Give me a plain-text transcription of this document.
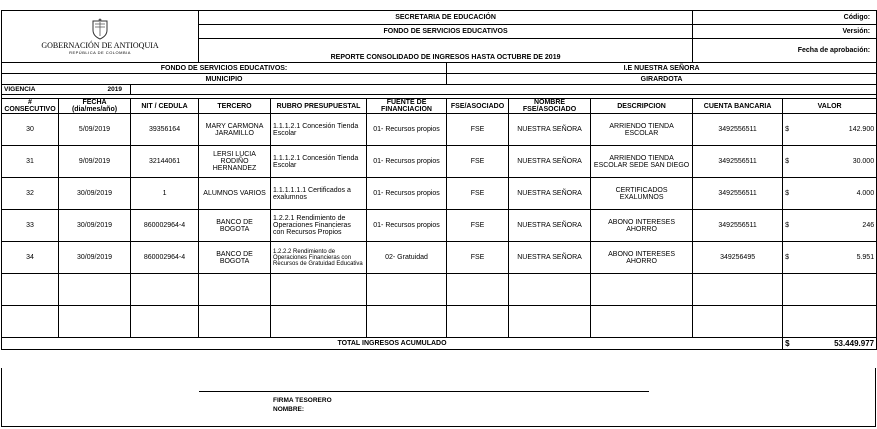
GOBERNACIÓN DE ANTIOQUIA
REPÚBLICA DE COLOMBIA			SECRETARIA DE EDUCACIÓN						Código:	
			FONDO DE SERVICIOS EDUCATIVOS						Versión:	
			REPORTE CONSOLIDADO DE INGRESOS HASTA OCTUBRE DE 2019						Fecha de aprobación:	
FONDO DE SERVICIOS EDUCATIVOS:						I.E NUESTRA SEÑORA				
MUNICIPIO						GIRARDOTA				
VIGENCIA	2019									

# CONSECUTIVO	FECHA (dia/mes/año)	NIT / CEDULA	TERCERO	RUBRO PRESUPUESTAL	FUENTE DE FINANCIACION	FSE/ASOCIADO	NOMBRE FSE/ASOCIADO	DESCRIPCION	CUENTA BANCARIA	VALOR
30	5/09/2019	39356164	MARY CARMONA JARAMILLO	1.1.1.2.1 Concesión Tienda Escolar	01- Recursos propios	FSE	NUESTRA SEÑORA	ARRIENDO TIENDA ESCOLAR	3492556511	$ 142.900

31	9/09/2019	32144061	LERSI LUCIA RODIÑO HERNANDEZ	1.1.1.2.1 Concesión Tienda Escolar	01- Recursos propios	FSE	NUESTRA SEÑORA	ARRIENDO TIENDA ESCOLAR SEDE SAN DIEGO	3492556511	$ 30.000

32	30/09/2019	1	ALUMNOS VARIOS	1.1.1.1.1.1 Certificados a exalumnos	01- Recursos propios	FSE	NUESTRA SEÑORA	CERTIFICADOS EXALUMNOS	3492556511	$ 4.000

33	30/09/2019	860002964-4	BANCO DE BOGOTA	1.2.2.1 Rendimiento de Operaciones Financieras con Recursos Propios	01- Recursos propios	FSE	NUESTRA SEÑORA	ABONO INTERESES AHORRO	3492556511	$ 246

34	30/09/2019	860002964-4	BANCO DE BOGOTA	1.2.2.2 Rendimiento de Operaciones Financieras con Recursos de Gratuidad Educativa	02- Gratuidad	FSE	NUESTRA SEÑORA	ABONO INTERESES AHORRO	349256495	$ 5.951

TOTAL INGRESOS ACUMULADO										$ 53.449.977
FIRMA TESORERO
NOMBRE:
